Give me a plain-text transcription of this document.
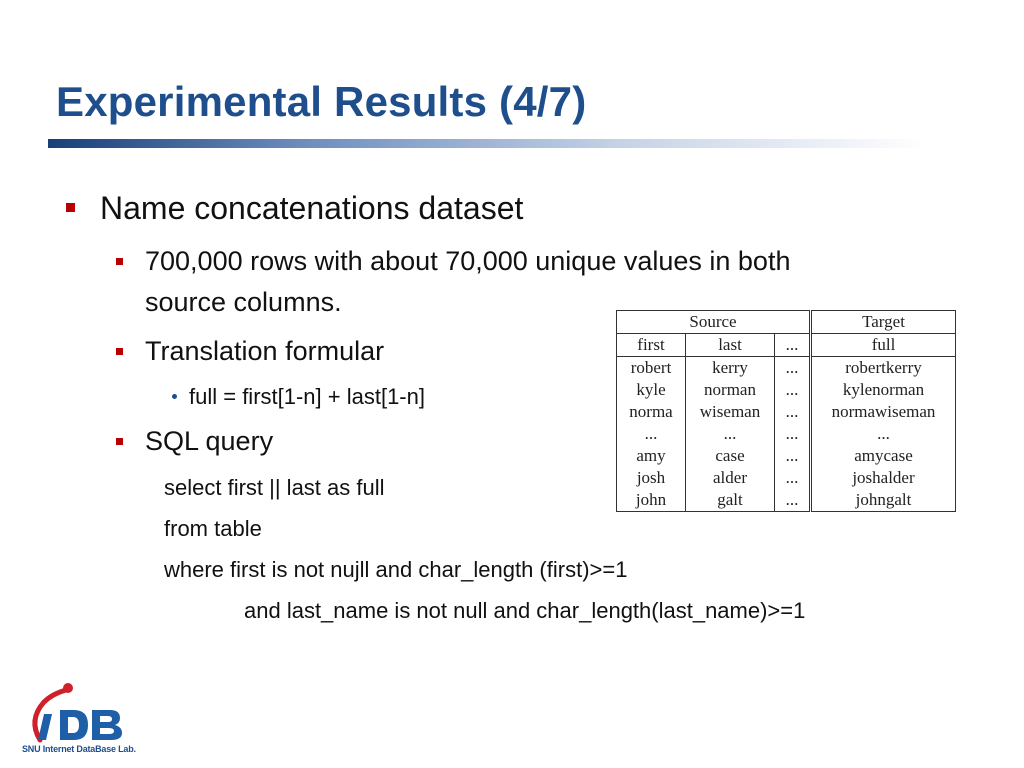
Experimental Results (4/7)
Name concatenations dataset
700,000 rows with about 70,000 unique values in both
source columns.
Translation formular
full = first[1-n] + last[1-n]
SQL query
select first || last as full
from table
where first is not nujll and char_length (first)>=1
and last_name is not null and char_length(last_name)>=1
Source			Target
first	last	...	full
robert	kerry	...	robertkerry
kyle	norman	...	kylenorman
norma	wiseman	...	normawiseman
...	...	...	...
amy	case	...	amycase
josh	alder	...	joshalder
john	galt	...	johngalt
SNU Internet DataBase Lab.
